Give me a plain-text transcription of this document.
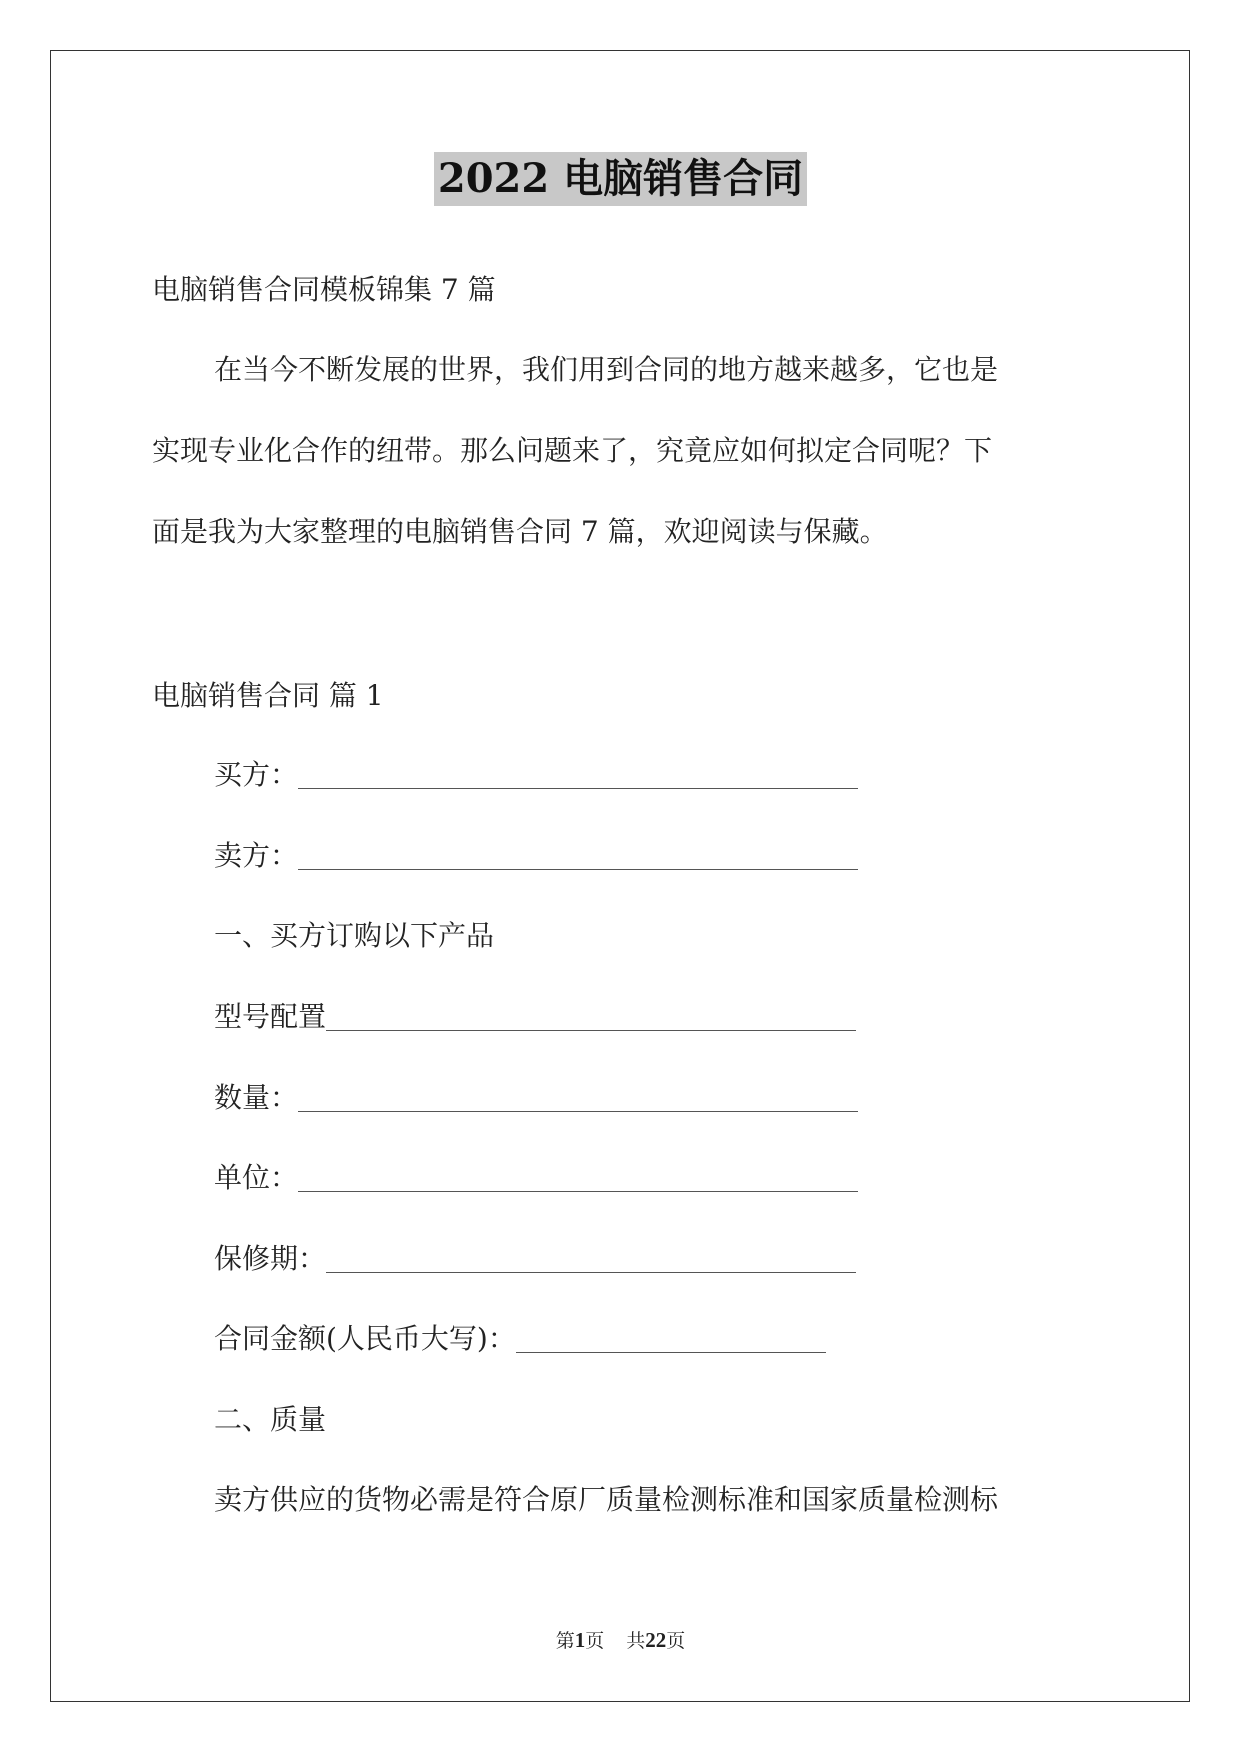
2022 电脑销售合同
电脑销售合同模板锦集 7 篇
在当今不断发展的世界，我们用到合同的地方越来越多，它也是
实现专业化合作的纽带。那么问题来了，究竟应如何拟定合同呢？下
面是我为大家整理的电脑销售合同 7 篇，欢迎阅读与保藏。
电脑销售合同 篇 1
买方：
卖方：
一、买方订购以下产品
型号配置
数量：
单位：
保修期：
合同金额(人民币大写)：
二、质量
卖方供应的货物必需是符合原厂质量检测标准和国家质量检测标
第1页 共22页
